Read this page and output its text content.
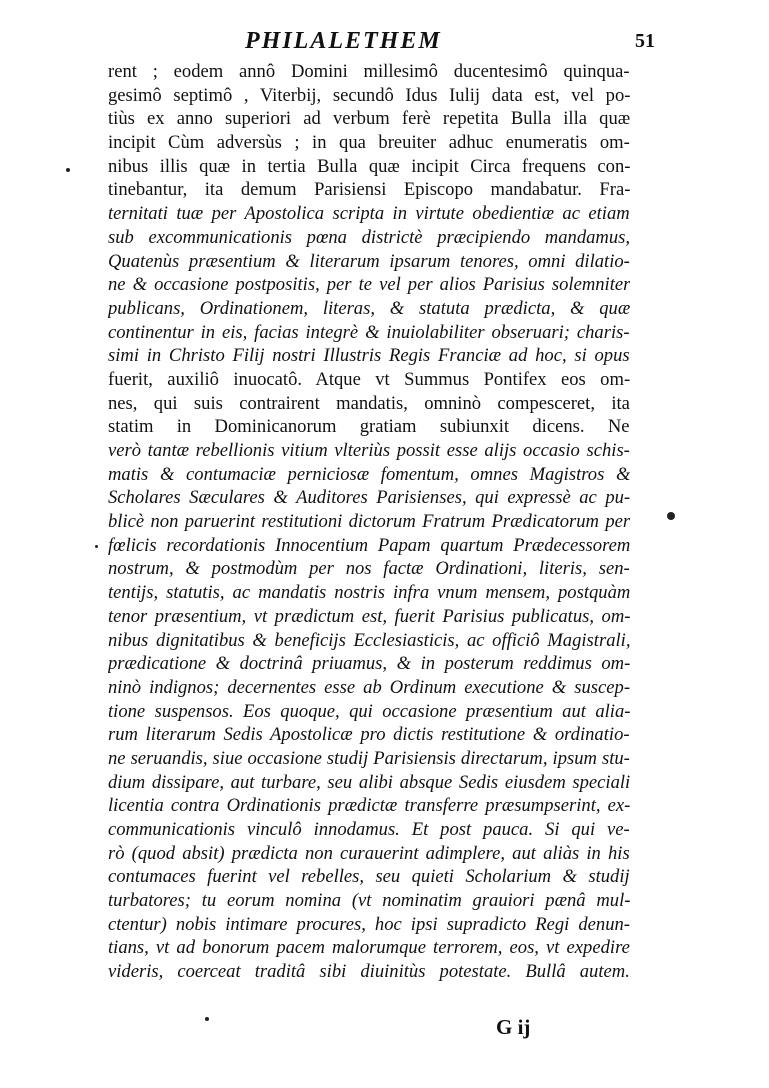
PHILALETHEM	51
rent ; eodem annô Domini millesimô ducentesimô quinqua-
gesimô septimô , Viterbij, secundô Idus Iulij data est, vel po-
tiùs ex anno superiori ad verbum ferè repetita Bulla illa quæ
incipit Cùm adversùs ; in qua breuiter adhuc enumeratis om-
nibus illis quæ in tertia Bulla quæ incipit Circa frequens con-
tinebantur, ita demum Parisiensi Episcopo mandabatur. Fra-
ternitati tuæ per Apostolica scripta in virtute obedientiæ ac etiam
sub excommunicationis pœna districtè præcipiendo mandamus,
Quatenùs præsentium & literarum ipsarum tenores, omni dilatio-
ne & occasione postpositis, per te vel per alios Parisius solemniter
publicans, Ordinationem, literas, & statuta prædicta, & quæ
continentur in eis, facias integrè & inuiolabiliter obseruari; charis-
simi in Christo Filij nostri Illustris Regis Franciæ ad hoc, si opus
fuerit, auxiliô inuocatô. Atque vt Summus Pontifex eos om-
nes, qui suis contrairent mandatis, omninò compesceret, ita
statim in Dominicanorum gratiam subiunxit dicens. Ne
verò tantæ rebellionis vitium vlteriùs possit esse alijs occasio schis-
matis & contumaciæ perniciosæ fomentum, omnes Magistros &
Scholares Sæculares & Auditores Parisienses, qui expressè ac pu-
blicè non paruerint restitutioni dictorum Fratrum Prædicatorum per
fœlicis recordationis Innocentium Papam quartum Prædecessorem
nostrum, & postmodùm per nos factæ Ordinationi, literis, sen-
tentijs, statutis, ac mandatis nostris infra vnum mensem, postquàm
tenor præsentium, vt prædictum est, fuerit Parisius publicatus, om-
nibus dignitatibus & beneficijs Ecclesiasticis, ac officiô Magistrali,
prædicatione & doctrinâ priuamus, & in posterum reddimus om-
ninò indignos; decernentes esse ab Ordinum executione & suscep-
tione suspensos. Eos quoque, qui occasione præsentium aut alia-
rum literarum Sedis Apostolicæ pro dictis restitutione & ordinatio-
ne seruandis, siue occasione studij Parisiensis directarum, ipsum stu-
dium dissipare, aut turbare, seu alibi absque Sedis eiusdem speciali
licentia contra Ordinationis prædictæ transferre præsumpserint, ex-
communicationis vinculô innodamus. Et post pauca. Si qui ve-
rò (quod absit) prædicta non curauerint adimplere, aut aliàs in his
contumaces fuerint vel rebelles, seu quieti Scholarium & studij
turbatores; tu eorum nomina (vt nominatim grauiori pænâ mul-
ctentur) nobis intimare procures, hoc ipsi supradicto Regi denun-
tians, vt ad bonorum pacem malorumque terrorem, eos, vt expedire
videris, coerceat traditâ sibi diuinitùs potestate. Bullâ autem.
G ij
